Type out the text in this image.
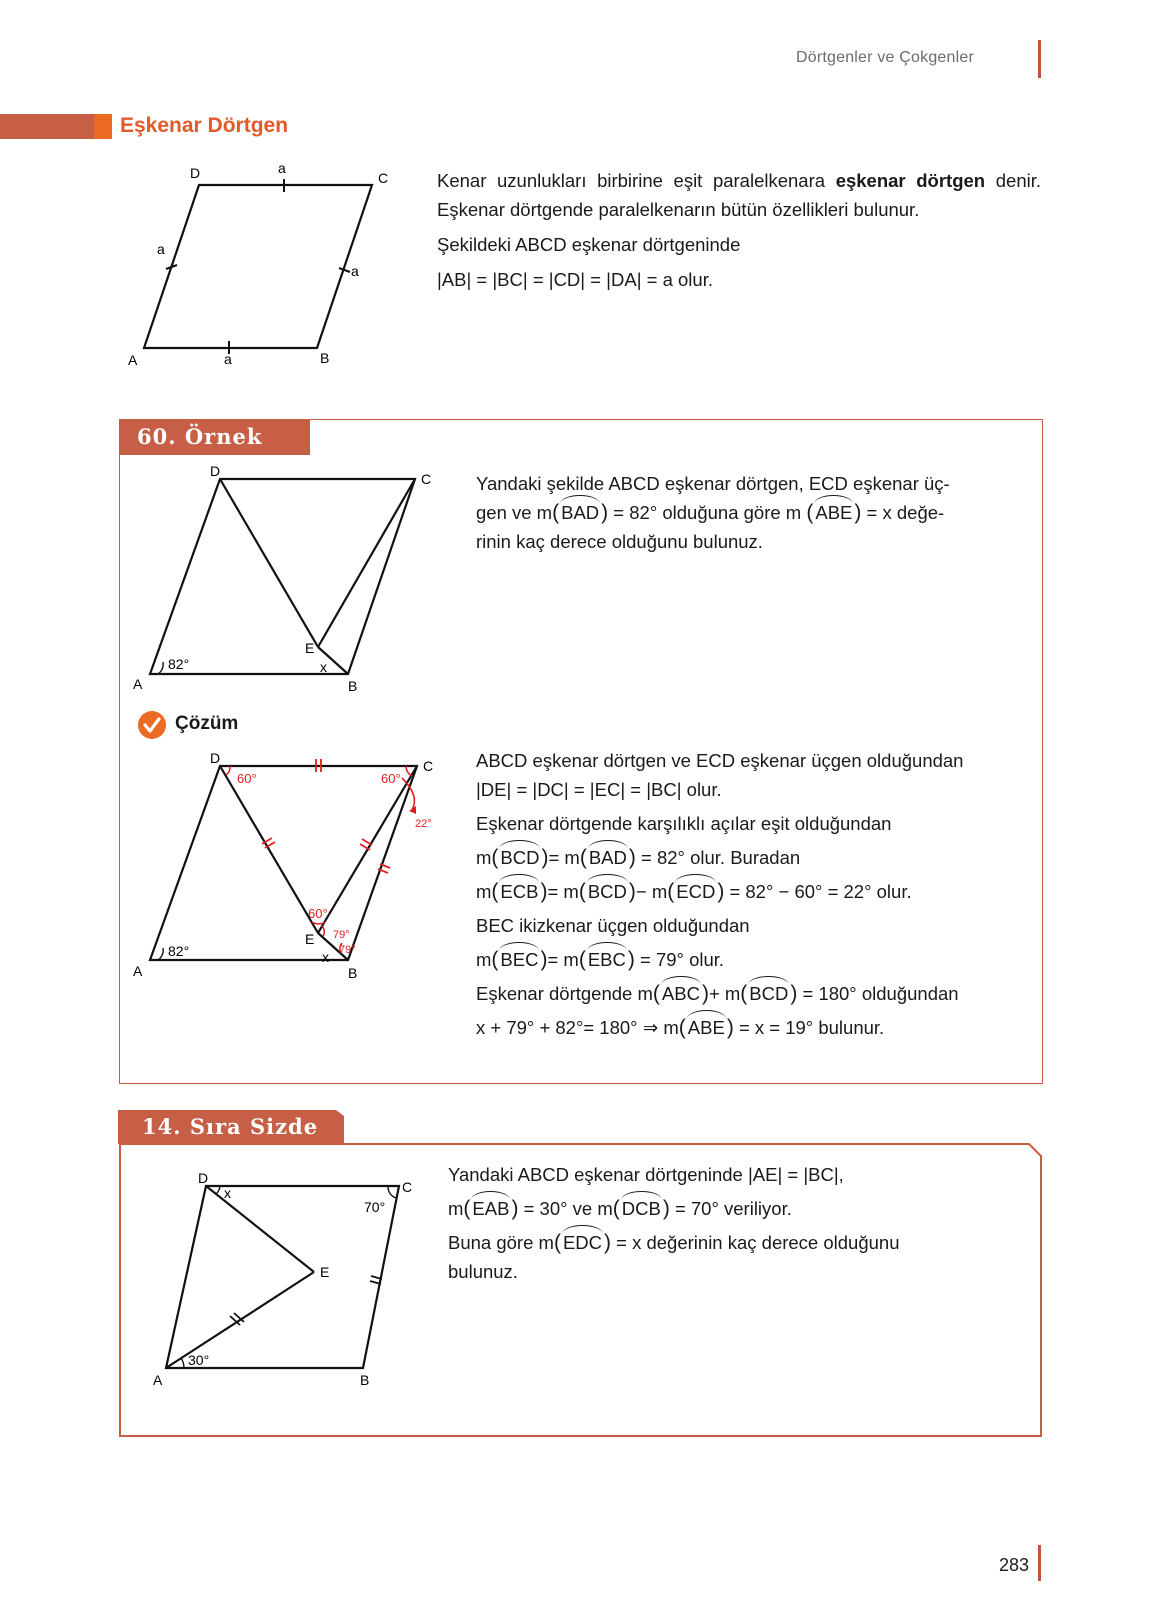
Dörtgenler ve Çokgenler
Eşkenar Dörtgen
D	C
A	B
a
a
a
a

Kenar uzunlukları birbirine eşit paralelkenara eşkenar dörtgen denir. Eşkenar dörtgende paralelkenarın bütün özellikleri bulunur.

Şekildeki ABCD eşkenar dörtgeninde

|AB| = |BC| = |CD| = |DA| = a olur.

60. Örnek
D	C
A	B
E
x
82°
Yandaki şekilde ABCD eşkenar dörtgen, ECD eşkenar üç-
gen ve m( BAD) = 82° olduğuna göre m ( ABE) = x değe-
rinin kaç derece olduğunu bulunuz.
Çözüm
D	C
A	B
E
x
82°
60°	60°
60°
22°
79°
79°
ABCD eşkenar dörtgen ve ECD eşkenar üçgen olduğundan
|DE| = |DC| = |EC| = |BC| olur.
Eşkenar dörtgende karşılıklı açılar eşit olduğundan
m( BCD)= m( BAD) = 82° olur. Buradan
m( ECB)= m( BCD)− m( ECD) = 82° − 60° = 22° olur.
BEC ikizkenar üçgen olduğundan
m( BEC)= m( EBC) = 79° olur.
Eşkenar dörtgende m( ABC)+ m( BCD) = 180° olduğundan
x + 79° + 82°= 180° ⇒ m( ABE) = x = 19° bulunur.
14. Sıra Sizde
D
C
A	B
E
x
30°
70°
Yandaki ABCD eşkenar dörtgeninde |AE| = |BC|,
m( EAB) = 30° ve m( DCB) = 70° veriliyor.
Buna göre m( EDC) = x değerinin kaç derece olduğunu
bulunuz.
283
